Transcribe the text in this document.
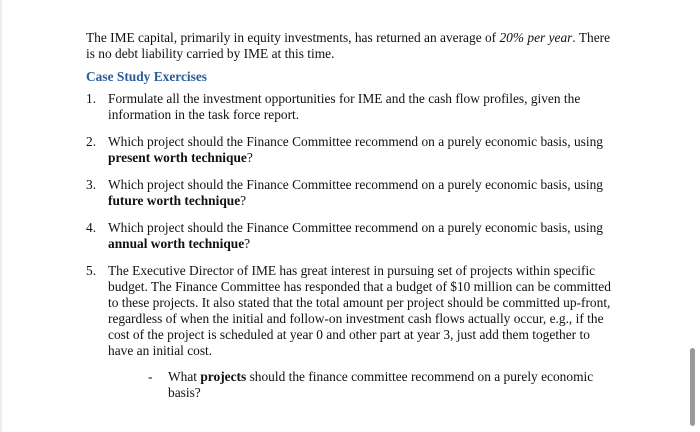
The IME capital, primarily in equity investments, has returned an average of 20% per year. There is no debt liability carried by IME at this time.

Case Study Exercises

1. Formulate all the investment opportunities for IME and the cash flow profiles, given the information in the task force report.
2. Which project should the Finance Committee recommend on a purely economic basis, using present worth technique?
3. Which project should the Finance Committee recommend on a purely economic basis, using future worth technique?
4. Which project should the Finance Committee recommend on a purely economic basis, using annual worth technique?
5. The Executive Director of IME has great interest in pursuing set of projects within specific budget. The Finance Committee has responded that a budget of $10 million can be committed to these projects. It also stated that the total amount per project should be committed up-front, regardless of when the initial and follow-on investment cash flows actually occur, e.g., if the cost of the project is scheduled at year 0 and other part at year 3, just add them together to have an initial cost.
- What projects should the finance committee recommend on a purely economic basis?
